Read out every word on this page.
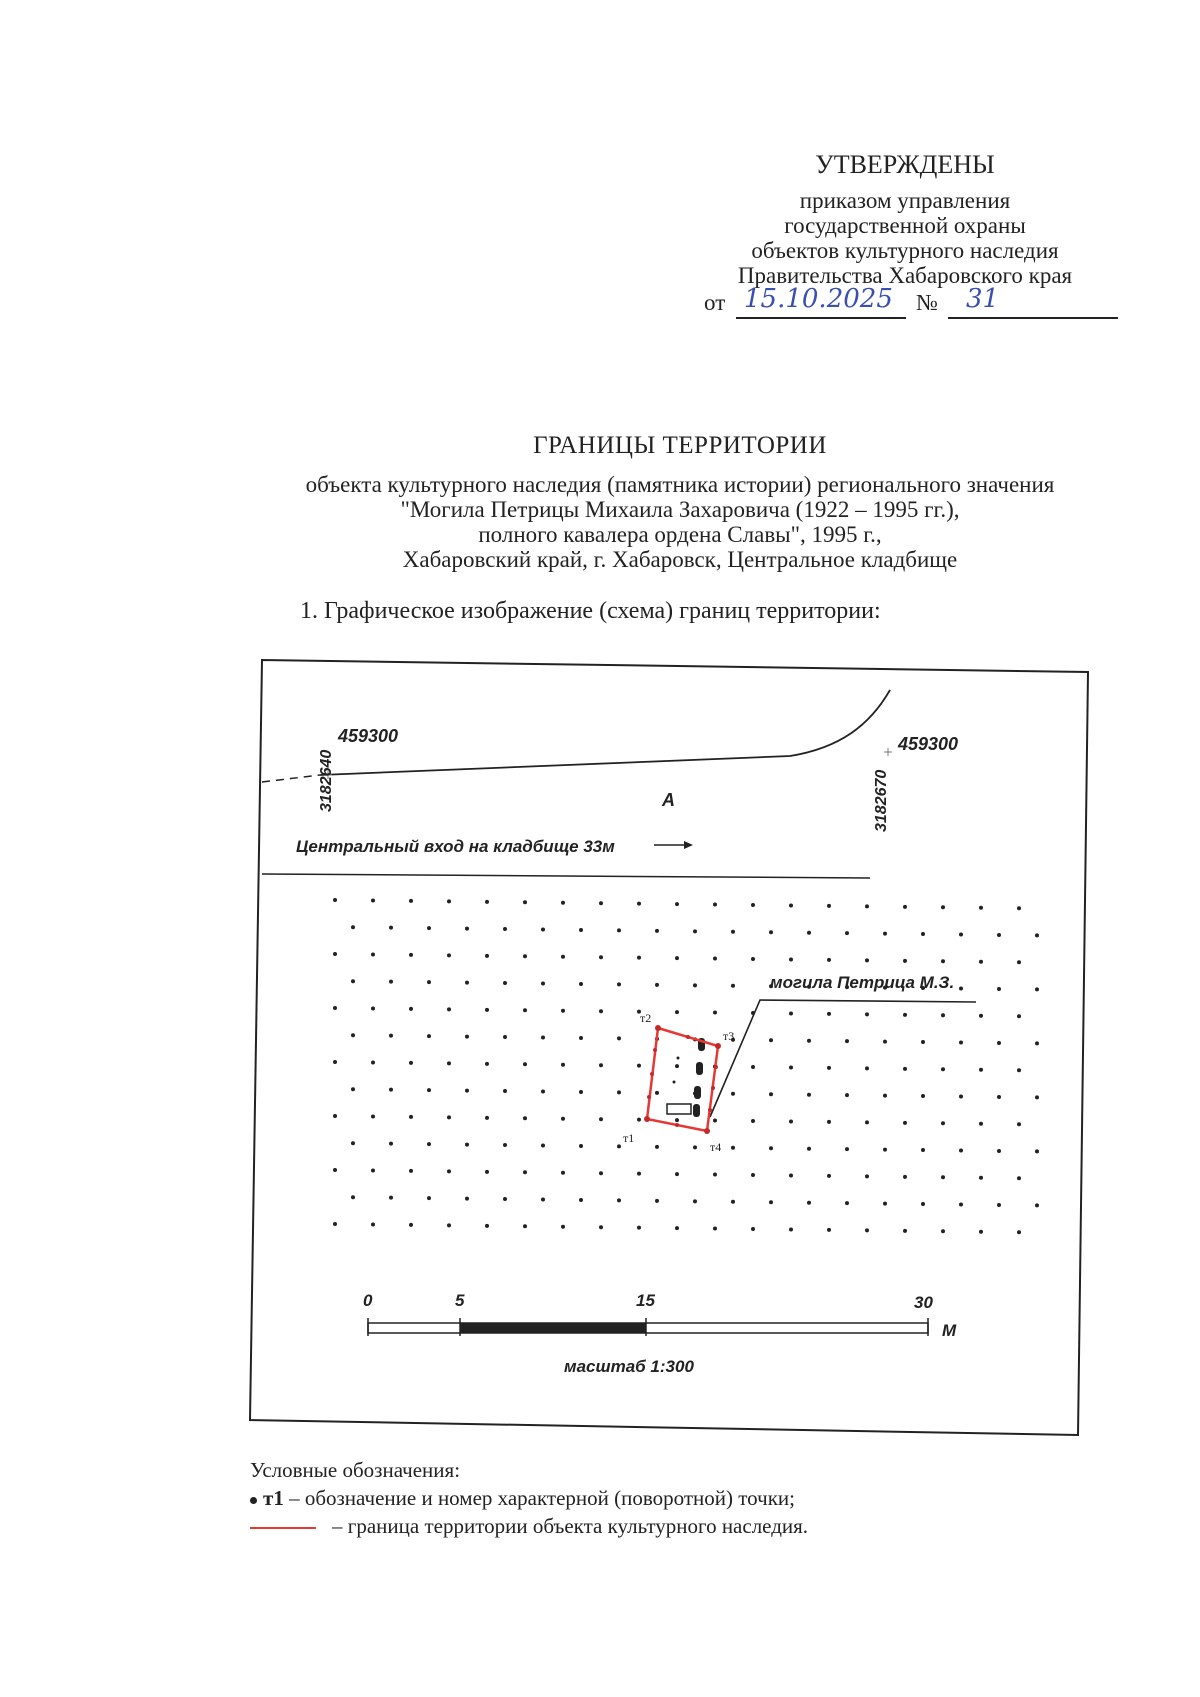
УТВЕРЖДЕНЫ
приказом управления
государственной охраны
объектов культурного наследия
Правительства Хабаровского края
от 15.10.2025 № 31
ГРАНИЦЫ ТЕРРИТОРИИ
объекта культурного наследия (памятника истории) регионального значения
"Могила Петрицы Михаила Захаровича (1922 – 1995 гг.),
полного кавалера ордена Славы", 1995 г.,
Хабаровский край, г. Хабаровск, Центральное кладбище
1. Графическое изображение (схема) границ территории:
459300
3182640
459300
3182670
А
Центральный вход на кладбище 33м
могила Петрица М.З.
т2
т3
т1
т4
0	5	15	30
М
масштаб 1:300
Условные обозначения:
т1 – обозначение и номер характерной (поворотной) точки;
– граница территории объекта культурного наследия.
